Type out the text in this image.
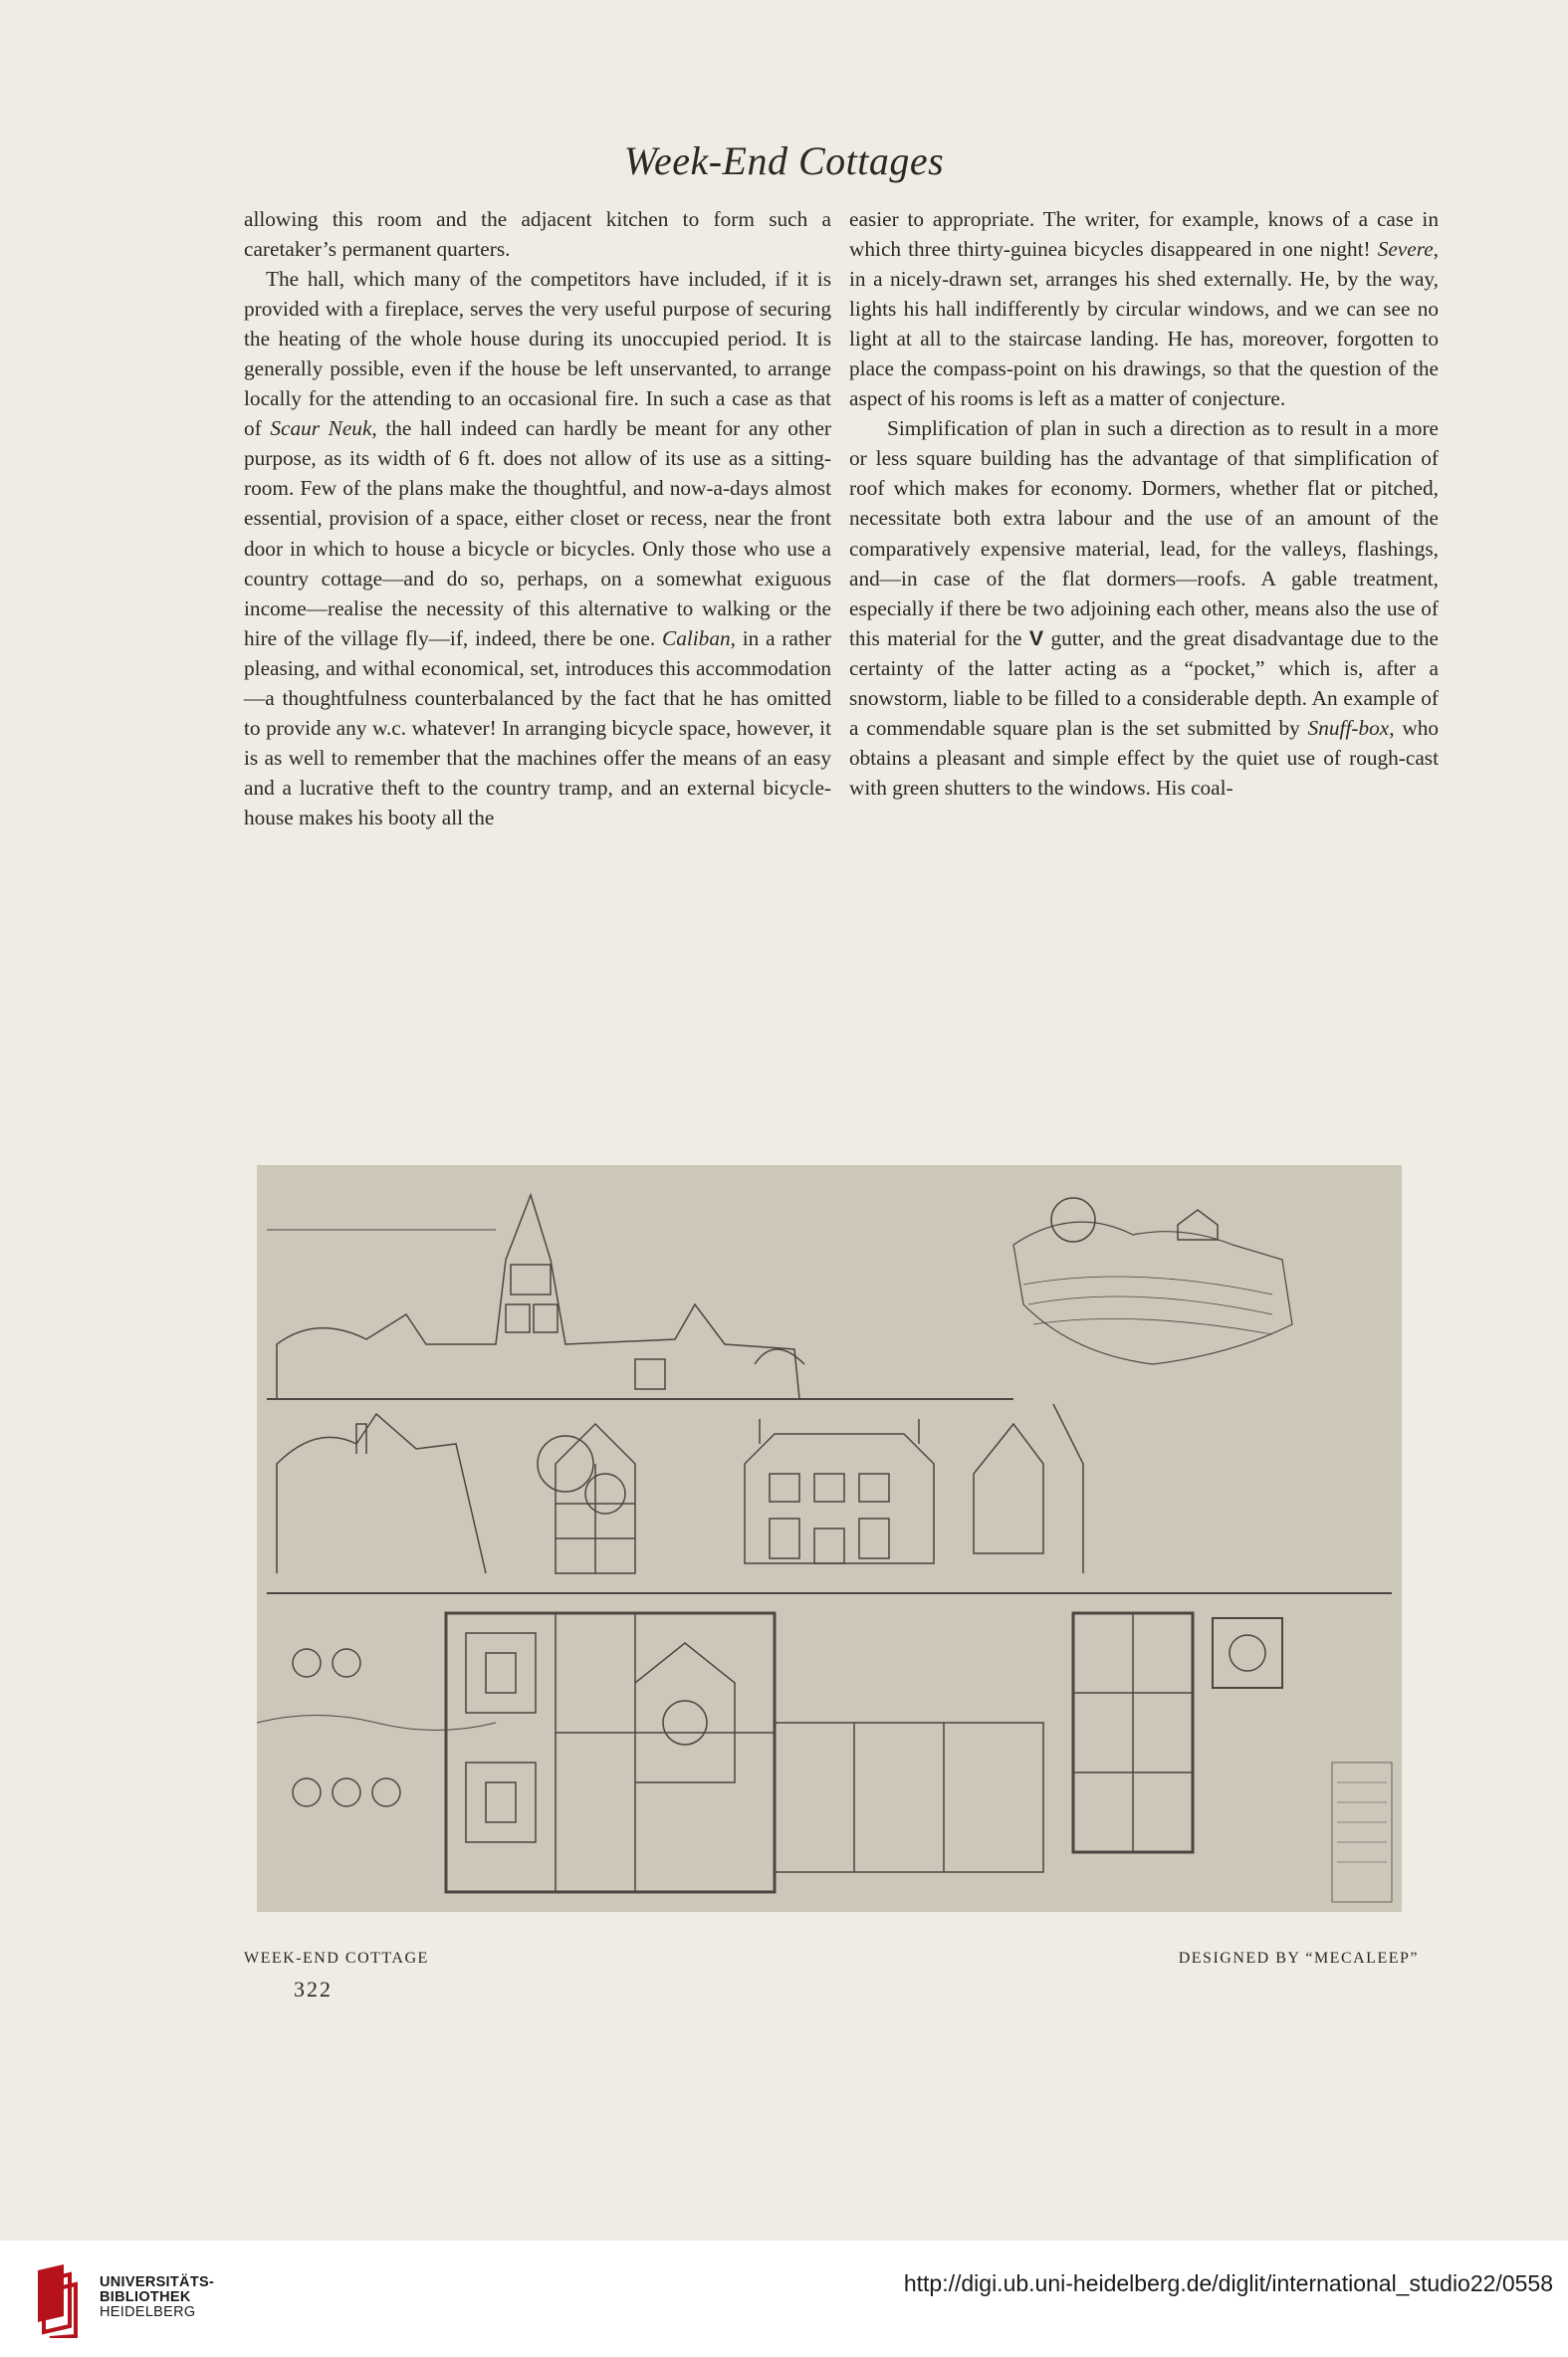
Week-End Cottages

allowing this room and the adjacent kitchen to form such a caretaker’s permanent quarters.

The hall, which many of the competitors have included, if it is provided with a fireplace, serves the very useful purpose of securing the heating of the whole house during its unoccupied period. It is generally possible, even if the house be left unservanted, to arrange locally for the attending to an occasional fire. In such a case as that of Scaur Neuk, the hall indeed can hardly be meant for any other purpose, as its width of 6 ft. does not allow of its use as a sitting-room. Few of the plans make the thoughtful, and now-a-days almost essential, provision of a space, either closet or recess, near the front door in which to house a bicycle or bicycles. Only those who use a country cottage—and do so, perhaps, on a somewhat exiguous income—realise the necessity of this alternative to walking or the hire of the village fly—if, indeed, there be one. Caliban, in a rather pleasing, and withal economical, set, introduces this accommodation—a thoughtfulness counterbalanced by the fact that he has omitted to provide any w.c. whatever! In arranging bicycle space, however, it is as well to remember that the machines offer the means of an easy and a lucrative theft to the country tramp, and an external bicycle-house makes his booty all the

easier to appropriate. The writer, for example, knows of a case in which three thirty-guinea bicycles disappeared in one night! Severe, in a nicely-drawn set, arranges his shed externally. He, by the way, lights his hall indifferently by circular windows, and we can see no light at all to the staircase landing. He has, moreover, forgotten to place the compass-point on his drawings, so that the question of the aspect of his rooms is left as a matter of conjecture.

Simplification of plan in such a direction as to result in a more or less square building has the advantage of that simplification of roof which makes for economy. Dormers, whether flat or pitched, necessitate both extra labour and the use of an amount of the comparatively expensive material, lead, for the valleys, flashings, and—in case of the flat dormers—roofs. A gable treatment, especially if there be two adjoining each other, means also the use of this material for the V gutter, and the great disadvantage due to the certainty of the latter acting as a “pocket,” which is, after a snowstorm, liable to be filled to a considerable depth. An example of a commendable square plan is the set submitted by Snuff-box, who obtains a pleasant and simple effect by the quiet use of rough-cast with green shutters to the windows. His coal-

WEEK-END COTTAGE	DESIGNED BY “MECALEEP”
322
UNIVERSITÄTS-
BIBLIOTHEK
HEIDELBERG
http://digi.ub.uni-heidelberg.de/diglit/international_studio22/0558
